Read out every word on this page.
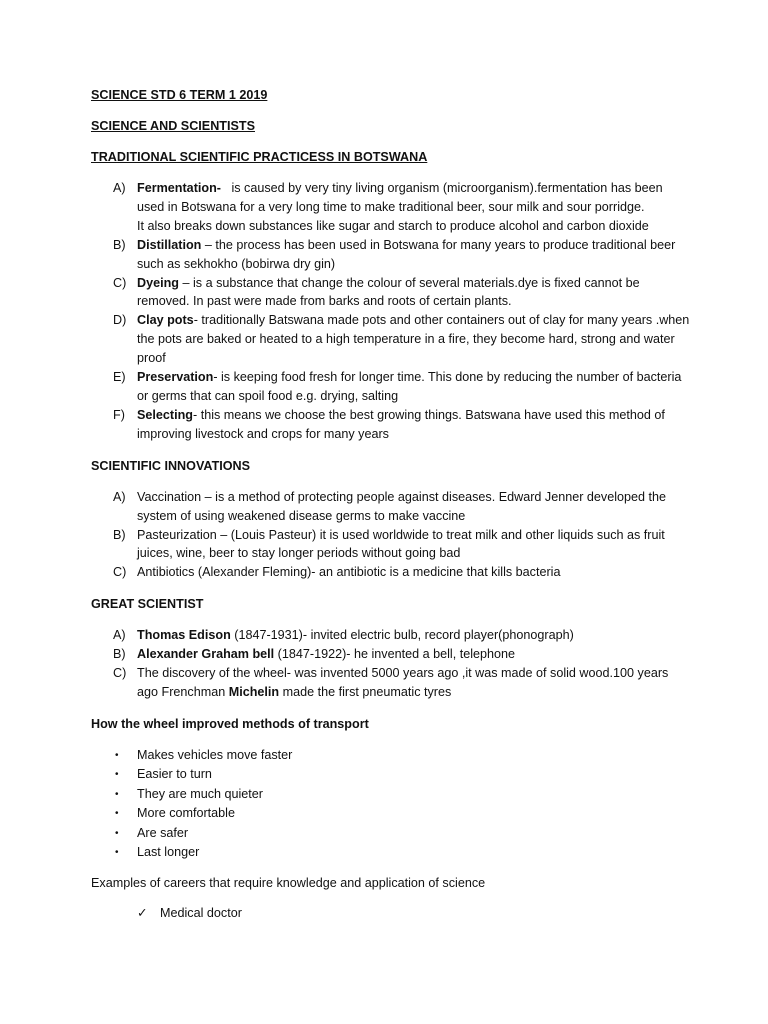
SCIENCE STD 6 TERM 1 2019

SCIENCE AND SCIENTISTS

TRADITIONAL SCIENTIFIC PRACTICESS IN BOTSWANA

A) Fermentation-   is caused by very tiny living organism (microorganism).fermentation has been used in Botswana for a very long time to make traditional beer, sour milk and sour porridge.

It also breaks down substances like sugar and starch to produce alcohol and carbon dioxide

B) Distillation – the process has been used in Botswana for many years to produce traditional beer such as sekhokho (bobirwa dry gin)

C) Dyeing – is a substance that change the colour of several materials.dye is fixed cannot be removed. In past were made from barks and roots of certain plants.

D) Clay pots- traditionally Batswana made pots and other containers out of clay for many years .when the pots are baked or heated to a high temperature in a fire, they become hard, strong and water proof

E) Preservation- is keeping food fresh for longer time. This done by reducing the number of bacteria or germs that can spoil food e.g. drying, salting

F) Selecting- this means we choose the best growing things. Batswana have used this method of improving livestock and crops for many years

SCIENTIFIC INNOVATIONS

A) Vaccination – is a method of protecting people against diseases. Edward Jenner developed the system of using weakened disease germs to make vaccine

B) Pasteurization – (Louis Pasteur) it is used worldwide to treat milk and other liquids such as fruit juices, wine, beer to stay longer periods without going bad

C) Antibiotics (Alexander Fleming)- an antibiotic is a medicine that kills bacteria

GREAT SCIENTIST

A) Thomas Edison (1847-1931)- invited electric bulb, record player(phonograph)

B) Alexander Graham bell (1847-1922)- he invented a bell, telephone

C) The discovery of the wheel- was invented 5000 years ago ,it was made of solid wood.100 years ago Frenchman Michelin made the first pneumatic tyres

How the wheel improved methods of transport

• Makes vehicles move faster
• Easier to turn
• They are much quieter
• More comfortable
• Are safer
• Last longer

Examples of careers that require knowledge and application of science

✓ Medical doctor
